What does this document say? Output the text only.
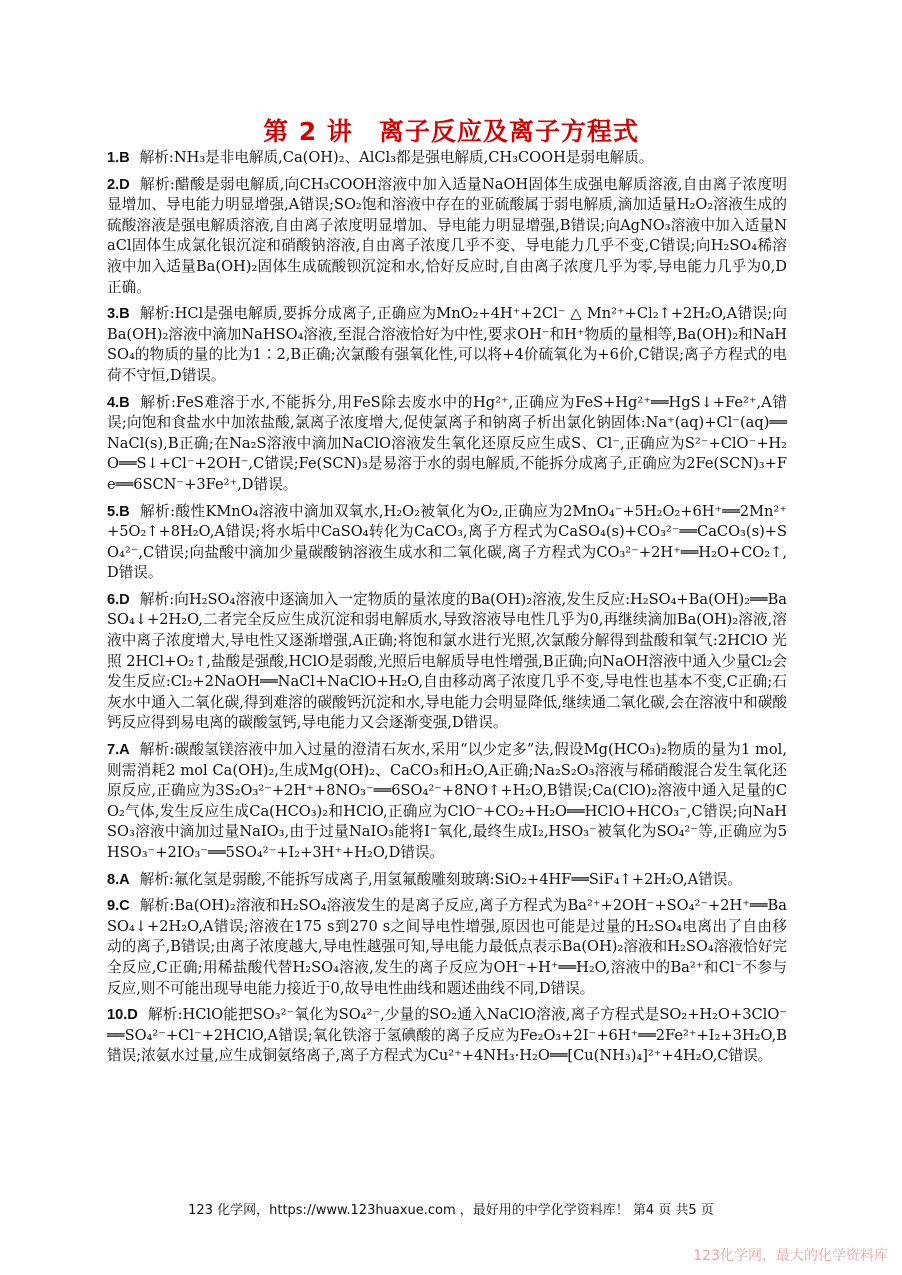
第 2 讲　离子反应及离子方程式

1.B 解析:NH₃是非电解质,Ca(OH)₂、AlCl₃都是强电解质,CH₃COOH是弱电解质。

2.D 解析:醋酸是弱电解质,向CH₃COOH溶液中加入适量NaOH固体生成强电解质溶液,自由离子浓度明显增加、导电能力明显增强,A错误;SO₂饱和溶液中存在的亚硫酸属于弱电解质,滴加适量H₂O₂溶液生成的硫酸溶液是强电解质溶液,自由离子浓度明显增加、导电能力明显增强,B错误;向AgNO₃溶液中加入适量NaCl固体生成氯化银沉淀和硝酸钠溶液,自由离子浓度几乎不变、导电能力几乎不变,C错误;向H₂SO₄稀溶液中加入适量Ba(OH)₂固体生成硫酸钡沉淀和水,恰好反应时,自由离子浓度几乎为零,导电能力几乎为0,D正确。

3.B 解析:HCl是强电解质,要拆分成离子,正确应为MnO₂+4H⁺+2Cl⁻ △ Mn²⁺+Cl₂↑+2H₂O,A错误;向Ba(OH)₂溶液中滴加NaHSO₄溶液,至混合溶液恰好为中性,要求OH⁻和H⁺物质的量相等,Ba(OH)₂和NaHSO₄的物质的量的比为1∶2,B正确;次氯酸有强氧化性,可以将+4价硫氧化为+6价,C错误;离子方程式的电荷不守恒,D错误。

4.B 解析:FeS难溶于水,不能拆分,用FeS除去废水中的Hg²⁺,正确应为FeS+Hg²⁺══HgS↓+Fe²⁺,A错误;向饱和食盐水中加浓盐酸,氯离子浓度增大,促使氯离子和钠离子析出氯化钠固体:Na⁺(aq)+Cl⁻(aq)══NaCl(s),B正确;在Na₂S溶液中滴加NaClO溶液发生氧化还原反应生成S、Cl⁻,正确应为S²⁻+ClO⁻+H₂O══S↓+Cl⁻+2OH⁻,C错误;Fe(SCN)₃是易溶于水的弱电解质,不能拆分成离子,正确应为2Fe(SCN)₃+Fe══6SCN⁻+3Fe²⁺,D错误。

5.B 解析:酸性KMnO₄溶液中滴加双氧水,H₂O₂被氧化为O₂,正确应为2MnO₄⁻+5H₂O₂+6H⁺══2Mn²⁺+5O₂↑+8H₂O,A错误;将水垢中CaSO₄转化为CaCO₃,离子方程式为CaSO₄(s)+CO₃²⁻══CaCO₃(s)+SO₄²⁻,C错误;向盐酸中滴加少量碳酸钠溶液生成水和二氧化碳,离子方程式为CO₃²⁻+2H⁺══H₂O+CO₂↑,D错误。

6.D 解析:向H₂SO₄溶液中逐滴加入一定物质的量浓度的Ba(OH)₂溶液,发生反应:H₂SO₄+Ba(OH)₂══BaSO₄↓+2H₂O,二者完全反应生成沉淀和弱电解质水,导致溶液导电性几乎为0,再继续滴加Ba(OH)₂溶液,溶液中离子浓度增大,导电性又逐渐增强,A正确;将饱和氯水进行光照,次氯酸分解得到盐酸和氧气:2HClO 光照 2HCl+O₂↑,盐酸是强酸,HClO是弱酸,光照后电解质导电性增强,B正确;向NaOH溶液中通入少量Cl₂会发生反应:Cl₂+2NaOH══NaCl+NaClO+H₂O,自由移动离子浓度几乎不变,导电性也基本不变,C正确;石灰水中通入二氧化碳,得到难溶的碳酸钙沉淀和水,导电能力会明显降低,继续通二氧化碳,会在溶液中和碳酸钙反应得到易电离的碳酸氢钙,导电能力又会逐渐变强,D错误。

7.A 解析:碳酸氢镁溶液中加入过量的澄清石灰水,采用“以少定多”法,假设Mg(HCO₃)₂物质的量为1 mol,则需消耗2 mol Ca(OH)₂,生成Mg(OH)₂、CaCO₃和H₂O,A正确;Na₂S₂O₃溶液与稀硝酸混合发生氧化还原反应,正确应为3S₂O₃²⁻+2H⁺+8NO₃⁻══6SO₄²⁻+8NO↑+H₂O,B错误;Ca(ClO)₂溶液中通入足量的CO₂气体,发生反应生成Ca(HCO₃)₂和HClO,正确应为ClO⁻+CO₂+H₂O══HClO+HCO₃⁻,C错误;向NaHSO₃溶液中滴加过量NaIO₃,由于过量NaIO₃能将I⁻氧化,最终生成I₂,HSO₃⁻被氧化为SO₄²⁻等,正确应为5HSO₃⁻+2IO₃⁻══5SO₄²⁻+I₂+3H⁺+H₂O,D错误。

8.A 解析:氟化氢是弱酸,不能拆写成离子,用氢氟酸雕刻玻璃:SiO₂+4HF══SiF₄↑+2H₂O,A错误。

9.C 解析:Ba(OH)₂溶液和H₂SO₄溶液发生的是离子反应,离子方程式为Ba²⁺+2OH⁻+SO₄²⁻+2H⁺══BaSO₄↓+2H₂O,A错误;溶液在175 s到270 s之间导电性增强,原因也可能是过量的H₂SO₄电离出了自由移动的离子,B错误;由离子浓度越大,导电性越强可知,导电能力最低点表示Ba(OH)₂溶液和H₂SO₄溶液恰好完全反应,C正确;用稀盐酸代替H₂SO₄溶液,发生的离子反应为OH⁻+H⁺══H₂O,溶液中的Ba²⁺和Cl⁻不参与反应,则不可能出现导电能力接近于0,故导电性曲线和题述曲线不同,D错误。

10.D 解析:HClO能把SO₃²⁻氧化为SO₄²⁻,少量的SO₂通入NaClO溶液,离子方程式是SO₂+H₂O+3ClO⁻══SO₄²⁻+Cl⁻+2HClO,A错误;氧化铁溶于氢碘酸的离子反应为Fe₂O₃+2I⁻+6H⁺══2Fe²⁺+I₂+3H₂O,B错误;浓氨水过量,应生成铜氨络离子,离子方程式为Cu²⁺+4NH₃·H₂O══[Cu(NH₃)₄]²⁺+4H₂O,C错误。

123 化学网，https://www.123huaxue.com ，最好用的中学化学资料库！ 第4 页 共5 页
123化学网，最大的化学资料库
